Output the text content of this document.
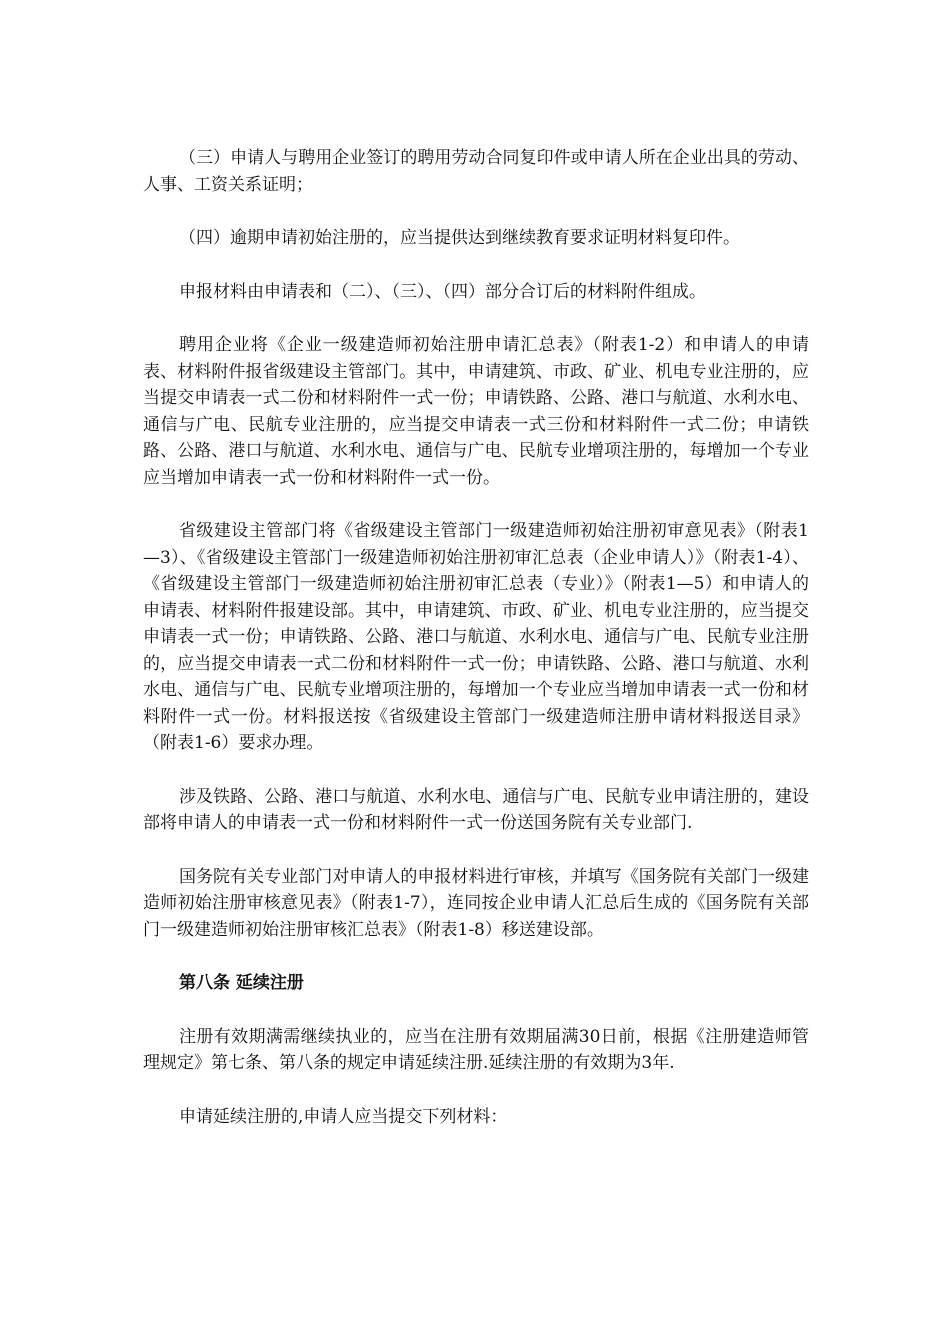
（三）申请人与聘用企业签订的聘用劳动合同复印件或申请人所在企业出具的劳动、人事、工资关系证明；

（四）逾期申请初始注册的，应当提供达到继续教育要求证明材料复印件。

申报材料由申请表和（二）、（三）、（四）部分合订后的材料附件组成。

聘用企业将《企业一级建造师初始注册申请汇总表》（附表1-2）和申请人的申请表、材料附件报省级建设主管部门。其中，申请建筑、市政、矿业、机电专业注册的，应当提交申请表一式二份和材料附件一式一份；申请铁路、公路、港口与航道、水利水电、通信与广电、民航专业注册的，应当提交申请表一式三份和材料附件一式二份；申请铁路、公路、港口与航道、水利水电、通信与广电、民航专业增项注册的，每增加一个专业应当增加申请表一式一份和材料附件一式一份。

省级建设主管部门将《省级建设主管部门一级建造师初始注册初审意见表》（附表1—3）、《省级建设主管部门一级建造师初始注册初审汇总表（企业申请人）》（附表1-4）、《省级建设主管部门一级建造师初始注册初审汇总表（专业）》（附表1—5）和申请人的申请表、材料附件报建设部。其中，申请建筑、市政、矿业、机电专业注册的，应当提交申请表一式一份；申请铁路、公路、港口与航道、水利水电、通信与广电、民航专业注册的，应当提交申请表一式二份和材料附件一式一份；申请铁路、公路、港口与航道、水利水电、通信与广电、民航专业增项注册的，每增加一个专业应当增加申请表一式一份和材料附件一式一份。材料报送按《省级建设主管部门一级建造师注册申请材料报送目录》（附表1-6）要求办理。

涉及铁路、公路、港口与航道、水利水电、通信与广电、民航专业申请注册的，建设部将申请人的申请表一式一份和材料附件一式一份送国务院有关专业部门.

国务院有关专业部门对申请人的申报材料进行审核，并填写《国务院有关部门一级建造师初始注册审核意见表》（附表1-7），连同按企业申请人汇总后生成的《国务院有关部门一级建造师初始注册审核汇总表》（附表1-8）移送建设部。

第八条 延续注册

注册有效期满需继续执业的，应当在注册有效期届满30日前，根据《注册建造师管理规定》第七条、第八条的规定申请延续注册.延续注册的有效期为3年.

申请延续注册的,申请人应当提交下列材料：
